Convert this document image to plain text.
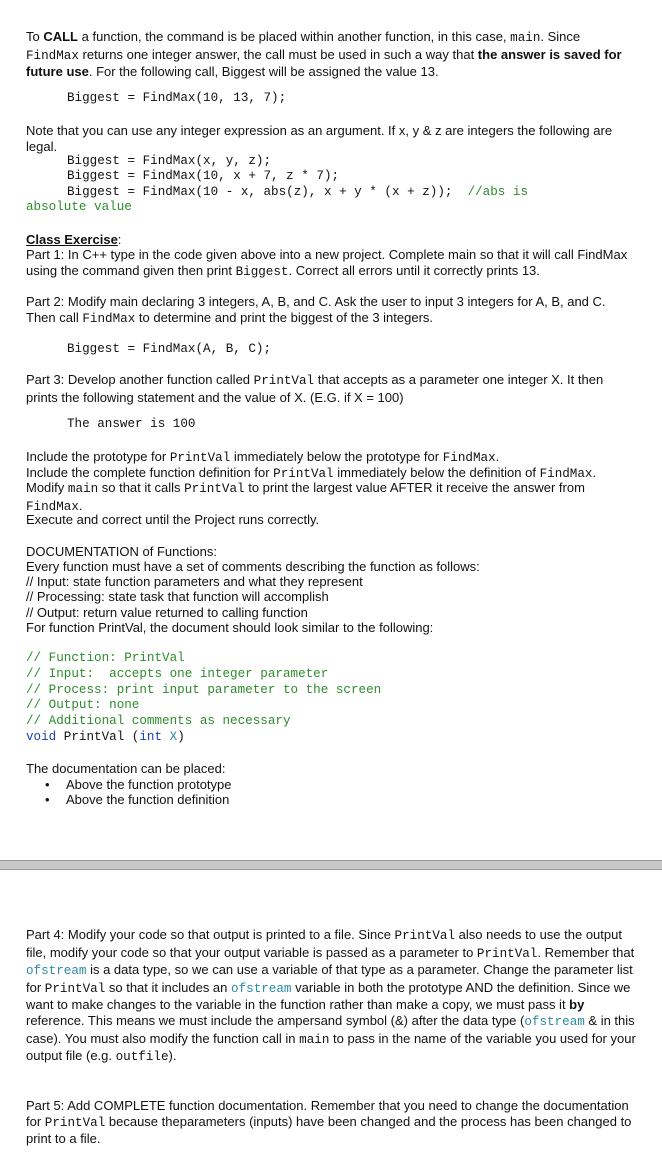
To CALL a function, the command is be placed within another function, in this case, main. Since FindMax returns one integer answer, the call must be used in such a way that the answer is saved for future use. For the following call, Biggest will be assigned the value 13.
Biggest = FindMax(10, 13, 7);
Note that you can use any integer expression as an argument. If x, y & z are integers the following are legal.
Biggest = FindMax(x, y, z);
Biggest = FindMax(10, x + 7, z * 7);
Biggest = FindMax(10 - x, abs(z), x + y * (x + z)); //abs is
absolute value
Class Exercise:
Part 1: In C++ type in the code given above into a new project. Complete main so that it will call FindMax using the command given then print Biggest. Correct all errors until it correctly prints 13.
Part 2: Modify main declaring 3 integers, A, B, and C. Ask the user to input 3 integers for A, B, and C. Then call FindMax to determine and print the biggest of the 3 integers.
Biggest = FindMax(A, B, C);
Part 3: Develop another function called PrintVal that accepts as a parameter one integer X. It then prints the following statement and the value of X. (E.G. if X = 100)
The answer is 100
Include the prototype for PrintVal immediately below the prototype for FindMax.
Include the complete function definition for PrintVal immediately below the definition of FindMax.
Modify main so that it calls PrintVal to print the largest value AFTER it receive the answer from FindMax.
Execute and correct until the Project runs correctly.
DOCUMENTATION of Functions:
Every function must have a set of comments describing the function as follows:
// Input: state function parameters and what they represent
// Processing: state task that function will accomplish
// Output: return value returned to calling function
For function PrintVal, the document should look similar to the following:
// Function: PrintVal
// Input:  accepts one integer parameter
// Process: print input parameter to the screen
// Output: none
// Additional comments as necessary
void PrintVal (int X)
The documentation can be placed:
Above the function prototype
Above the function definition
Part 4: Modify your code so that output is printed to a file. Since PrintVal also needs to use the output file, modify your code so that your output variable is passed as a parameter to PrintVal. Remember that ofstream is a data type, so we can use a variable of that type as a parameter. Change the parameter list for PrintVal so that it includes an ofstream variable in both the prototype AND the definition. Since we want to make changes to the variable in the function rather than make a copy, we must pass it by reference. This means we must include the ampersand symbol (&) after the data type (ofstream & in this case). You must also modify the function call in main to pass in the name of the variable you used for your output file (e.g. outfile).
Part 5: Add COMPLETE function documentation. Remember that you need to change the documentation for PrintVal because theparameters (inputs) have been changed and the process has been changed to print to a file.
